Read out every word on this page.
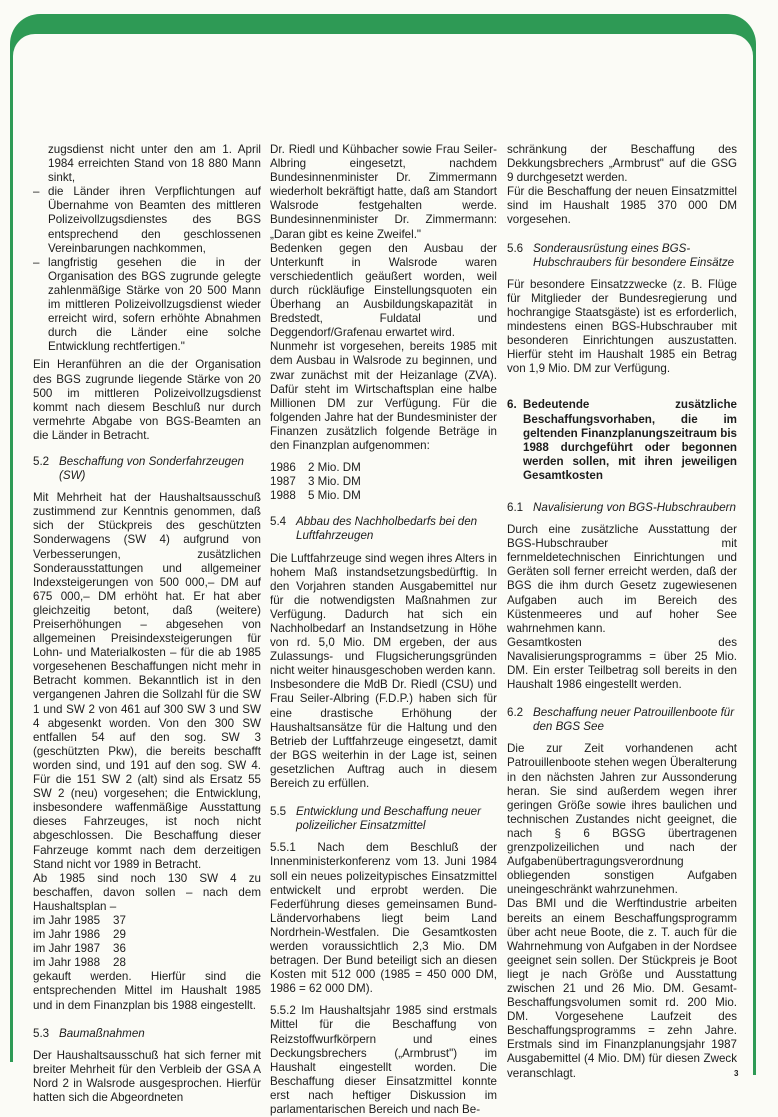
zugsdienst nicht unter den am 1. April 1984 erreichten Stand von 18 880 Mann sinkt,

– die Länder ihren Verpflichtungen auf Übernahme von Beamten des mittleren Polizeivollzugsdienstes des BGS entsprechend den geschlossenen Vereinbarungen nachkommen,

– langfristig gesehen die in der Organisation des BGS zugrunde gelegte zahlenmäßige Stärke von 20 500 Mann im mittleren Polizeivollzugsdienst wieder erreicht wird, sofern erhöhte Abnahmen durch die Länder eine solche Entwicklung rechtfertigen."

Ein Heranführen an die der Organisation des BGS zugrunde liegende Stärke von 20 500 im mittleren Polizeivollzugsdienst kommt nach diesem Beschluß nur durch vermehrte Abgabe von BGS-Beamten an die Länder in Betracht.

5.2 Beschaffung von Sonderfahrzeugen (SW)

Mit Mehrheit hat der Haushaltsausschuß zustimmend zur Kenntnis genommen, daß sich der Stückpreis des geschützten Sonderwagens (SW 4) aufgrund von Verbesserungen, zusätzlichen Sonderausstattungen und allgemeiner Indexsteigerungen von 500 000,– DM auf 675 000,– DM erhöht hat. Er hat aber gleichzeitig betont, daß (weitere) Preiserhöhungen – abgesehen von allgemeinen Preisindexsteigerungen für Lohn- und Materialkosten – für die ab 1985 vorgesehenen Beschaffungen nicht mehr in Betracht kommen. Bekanntlich ist in den vergangenen Jahren die Sollzahl für die SW 1 und SW 2 von 461 auf 300 SW 3 und SW 4 abgesenkt worden. Von den 300 SW entfallen 54 auf den sog. SW 3 (geschützten Pkw), die bereits beschafft worden sind, und 191 auf den sog. SW 4. Für die 151 SW 2 (alt) sind als Ersatz 55 SW 2 (neu) vorgesehen; die Entwicklung, insbesondere waffenmäßige Ausstattung dieses Fahrzeuges, ist noch nicht abgeschlossen. Die Beschaffung dieser Fahrzeuge kommt nach dem derzeitigen Stand nicht vor 1989 in Betracht.

Ab 1985 sind noch 130 SW 4 zu beschaffen, davon sollen – nach dem Haushaltsplan –

im Jahr 1985	37
im Jahr 1986	29
im Jahr 1987	36
im Jahr 1988	28

gekauft werden. Hierfür sind die entsprechenden Mittel im Haushalt 1985 und in dem Finanzplan bis 1988 eingestellt.

5.3 Baumaßnahmen

Der Haushaltsausschuß hat sich ferner mit breiter Mehrheit für den Verbleib der GSA A Nord 2 in Walsrode ausgesprochen. Hierfür hatten sich die Abgeordneten

Dr. Riedl und Kühbacher sowie Frau Seiler-Albring eingesetzt, nachdem Bundesinnenminister Dr. Zimmermann wiederholt bekräftigt hatte, daß am Standort Walsrode festgehalten werde. Bundesinnenminister Dr. Zimmermann: „Daran gibt es keine Zweifel."

Bedenken gegen den Ausbau der Unterkunft in Walsrode waren verschiedentlich geäußert worden, weil durch rückläufige Einstellungsquoten ein Überhang an Ausbildungskapazität in Bredstedt, Fuldatal und Deggendorf/Grafenau erwartet wird.

Nunmehr ist vorgesehen, bereits 1985 mit dem Ausbau in Walsrode zu beginnen, und zwar zunächst mit der Heizanlage (ZVA). Dafür steht im Wirtschaftsplan eine halbe Millionen DM zur Verfügung. Für die folgenden Jahre hat der Bundesminister der Finanzen zusätzlich folgende Beträge in den Finanzplan aufgenommen:

1986	2 Mio. DM
1987	3 Mio. DM
1988	5 Mio. DM
5.4 Abbau des Nachholbedarfs bei den Luftfahrzeugen

Die Luftfahrzeuge sind wegen ihres Alters in hohem Maß instandsetzungsbedürftig. In den Vorjahren standen Ausgabemittel nur für die notwendigsten Maßnahmen zur Verfügung. Dadurch hat sich ein Nachholbedarf an Instandsetzung in Höhe von rd. 5,0 Mio. DM ergeben, der aus Zulassungs- und Flugsicherungsgründen nicht weiter hinausgeschoben werden kann.

Insbesondere die MdB Dr. Riedl (CSU) und Frau Seiler-Albring (F.D.P.) haben sich für eine drastische Erhöhung der Haushaltsansätze für die Haltung und den Betrieb der Luftfahrzeuge eingesetzt, damit der BGS weiterhin in der Lage ist, seinen gesetzlichen Auftrag auch in diesem Bereich zu erfüllen.

5.5 Entwicklung und Beschaffung neuer polizeilicher Einsatzmittel

5.5.1 Nach dem Beschluß der Innenministerkonferenz vom 13. Juni 1984 soll ein neues polizeitypisches Einsatzmittel entwickelt und erprobt werden. Die Federführung dieses gemeinsamen Bund-Ländervorhabens liegt beim Land Nordrhein-Westfalen. Die Gesamtkosten werden voraussichtlich 2,3 Mio. DM betragen. Der Bund beteiligt sich an diesen Kosten mit 512 000 (1985 = 450 000 DM, 1986 = 62 000 DM).

5.5.2 Im Haushaltsjahr 1985 sind erstmals Mittel für die Beschaffung von Reizstoffwurfkörpern und eines Deckungsbrechers („Armbrust") im Haushalt eingestellt worden. Die Beschaffung dieser Einsatzmittel konnte erst nach heftiger Diskussion im parlamentarischen Bereich und nach Be-

schränkung der Beschaffung des Dekkungsbrechers „Armbrust" auf die GSG 9 durchgesetzt werden.

Für die Beschaffung der neuen Einsatzmittel sind im Haushalt 1985 370 000 DM vorgesehen.

5.6 Sonderausrüstung eines BGS-Hubschraubers für besondere Einsätze

Für besondere Einsatzzwecke (z. B. Flüge für Mitglieder der Bundesregierung und hochrangige Staatsgäste) ist es erforderlich, mindestens einen BGS-Hubschrauber mit besonderen Einrichtungen auszustatten. Hierfür steht im Haushalt 1985 ein Betrag von 1,9 Mio. DM zur Verfügung.

6. Bedeutende zusätzliche Beschaffungsvorhaben, die im geltenden Finanzplanungszeitraum bis 1988 durchgeführt oder begonnen werden sollen, mit ihren jeweiligen Gesamtkosten
6.1 Navalisierung von BGS-Hubschraubern

Durch eine zusätzliche Ausstattung der BGS-Hubschrauber mit fernmeldetechnischen Einrichtungen und Geräten soll ferner erreicht werden, daß der BGS die ihm durch Gesetz zugewiesenen Aufgaben auch im Bereich des Küstenmeeres und auf hoher See wahrnehmen kann.

Gesamtkosten des Navalisierungsprogramms = über 25 Mio. DM. Ein erster Teilbetrag soll bereits in den Haushalt 1986 eingestellt werden.

6.2 Beschaffung neuer Patrouillenboote für den BGS See

Die zur Zeit vorhandenen acht Patrouillenboote stehen wegen Überalterung in den nächsten Jahren zur Aussonderung heran. Sie sind außerdem wegen ihrer geringen Größe sowie ihres baulichen und technischen Zustandes nicht geeignet, die nach § 6 BGSG übertragenen grenzpolizeilichen und nach der Aufgabenübertragungsverordnung obliegenden sonstigen Aufgaben uneingeschränkt wahrzunehmen.

Das BMI und die Werftindustrie arbeiten bereits an einem Beschaffungsprogramm über acht neue Boote, die z. T. auch für die Wahrnehmung von Aufgaben in der Nordsee geeignet sein sollen. Der Stückpreis je Boot liegt je nach Größe und Ausstattung zwischen 21 und 26 Mio. DM. Gesamt-Beschaffungsvolumen somit rd. 200 Mio. DM. Vorgesehene Laufzeit des Beschaffungsprogramms = zehn Jahre. Erstmals sind im Finanzplanungsjahr 1987 Ausgabemittel (4 Mio. DM) für diesen Zweck veranschlagt.	3
